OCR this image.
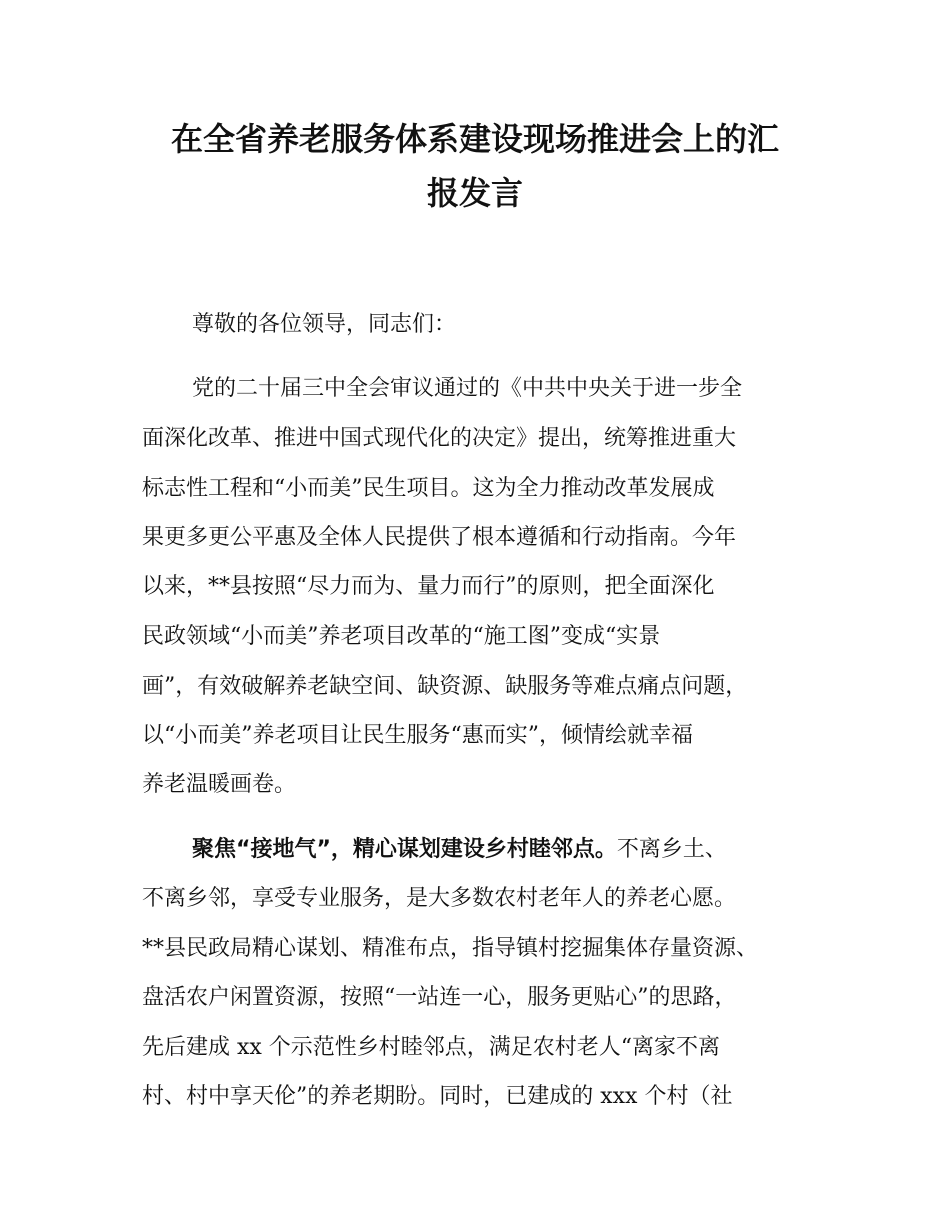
在全省养老服务体系建设现场推进会上的汇
报发言
尊敬的各位领导，同志们：
党的二十届三中全会审议通过的《中共中央关于进一步全
面深化改革、推进中国式现代化的决定》提出，统筹推进重大
标志性工程和“小而美”民生项目。这为全力推动改革发展成
果更多更公平惠及全体人民提供了根本遵循和行动指南。今年
以来，**县按照“尽力而为、量力而行”的原则，把全面深化
民政领域“小而美”养老项目改革的“施工图”变成“实景
画”，有效破解养老缺空间、缺资源、缺服务等难点痛点问题，
以“小而美”养老项目让民生服务“惠而实”，倾情绘就幸福
养老温暖画卷。
聚焦“接地气”，精心谋划建设乡村睦邻点。不离乡土、
不离乡邻，享受专业服务，是大多数农村老年人的养老心愿。
**县民政局精心谋划、精准布点，指导镇村挖掘集体存量资源、
盘活农户闲置资源，按照“一站连一心，服务更贴心”的思路，
先后建成 xx 个示范性乡村睦邻点，满足农村老人“离家不离
村、村中享天伦”的养老期盼。同时，已建成的 xxx 个村（社
